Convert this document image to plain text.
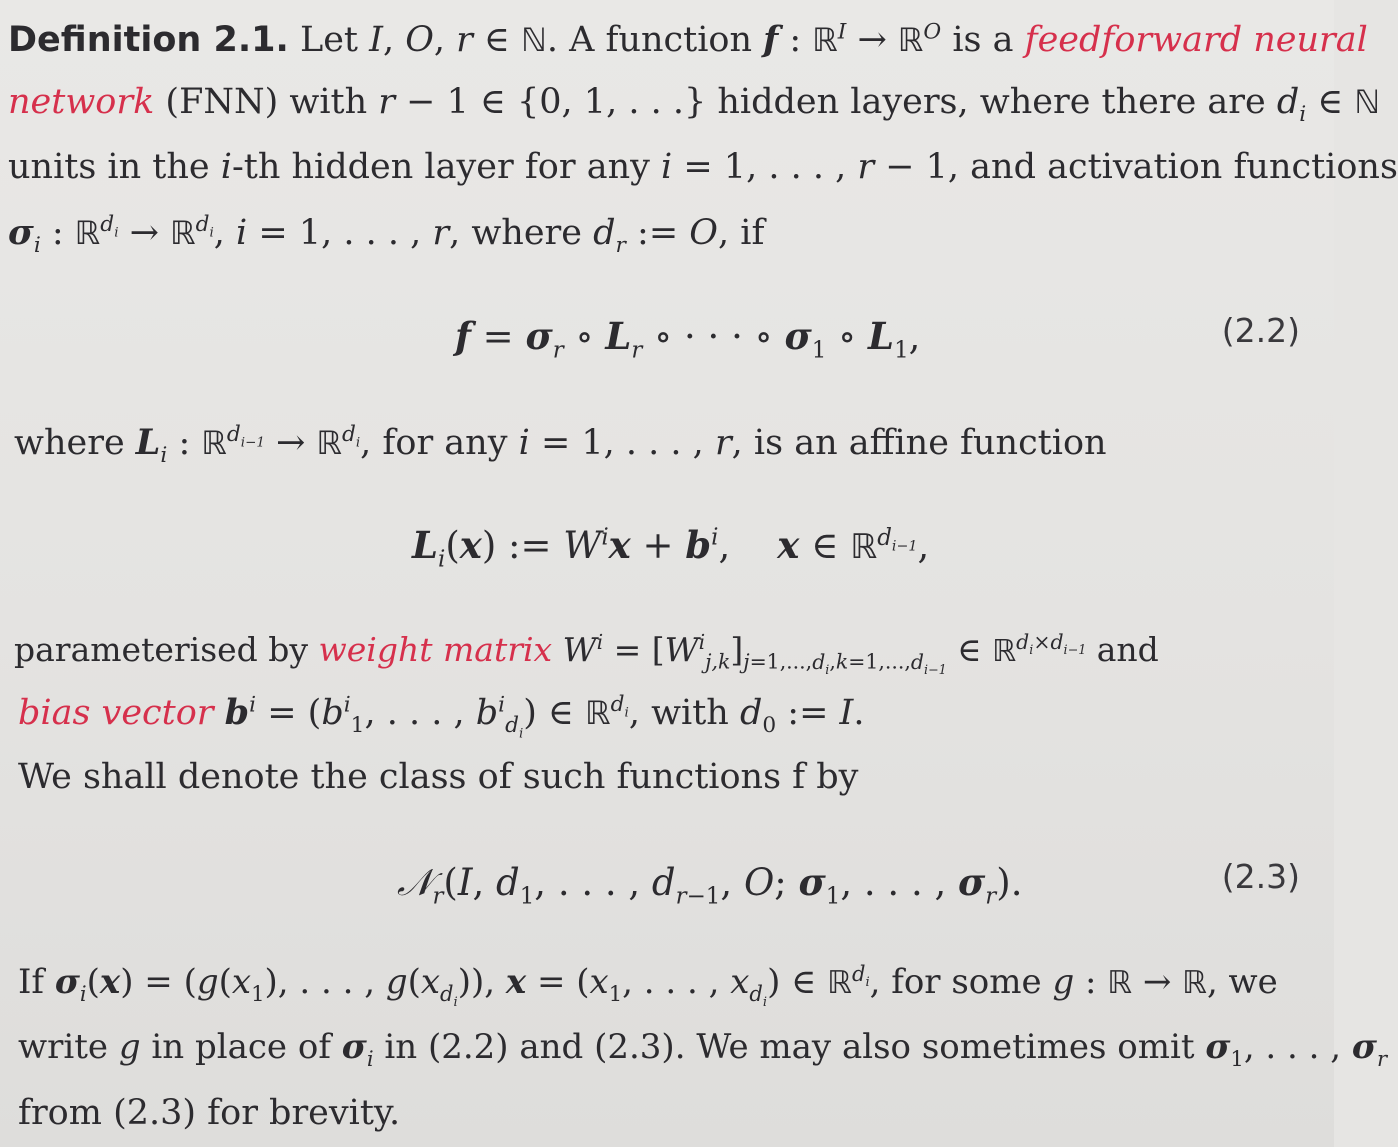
Definition 2.1. Let I, O, r ∈ ℕ. A function f : ℝ$^I$ → ℝ$^O$ is a feedforward neural
network (FNN) with r − 1 ∈ {0, 1, . . .} hidden layers, where there are $d_i$ ∈ ℕ
units in the i-th hidden layer for any i = 1, . . . , r − 1, and activation functions
$\sigma_i$ : ℝ$^{d_i}$ → ℝ$^{d_i}$, i = 1, . . . , r, where $d_r$ := O, if
$f = \sigma_r$ ∘ $L_r$ ∘ · · · ∘ $\sigma_1$ ∘ $L_1$,	(2.2)
where $L_i$ : ℝ$^{d_{i-1}}$ → ℝ$^{d_i}$, for any i = 1, . . . , r, is an affine function
$L_i(x)$ := $W^ix + b^i$,    x ∈ ℝ$^{d_{i-1}}$,
parameterised by weight matrix $W^i = [W^i_{j,k}]_{j=1,...,d_i,k=1,...,d_{i-1}}$ ∈ ℝ$^{d_i\times d_{i-1}}$ and
bias vector $b^i = (b^i_1$, . . . , $b^i_{d_i}$) ∈ ℝ$^{d_i}$, with $d_0$ := I.
We shall denote the class of such functions f by
𝒩$_r$(I, $d_1$, . . . , $d_{r-1}$, O; $\sigma_1$, . . . , $\sigma_r$).	(2.3)
If $\sigma_i(x) = (g(x_1)$, . . . , $g(x_{d_i})$), $x = (x_1$, . . . , $x_{d_i}$) ∈ ℝ$^{d_i}$, for some g : ℝ → ℝ, we
write g in place of $\sigma_i$ in (2.2) and (2.3). We may also sometimes omit $\sigma_1$, . . . , $\sigma_r$
from (2.3) for brevity.
